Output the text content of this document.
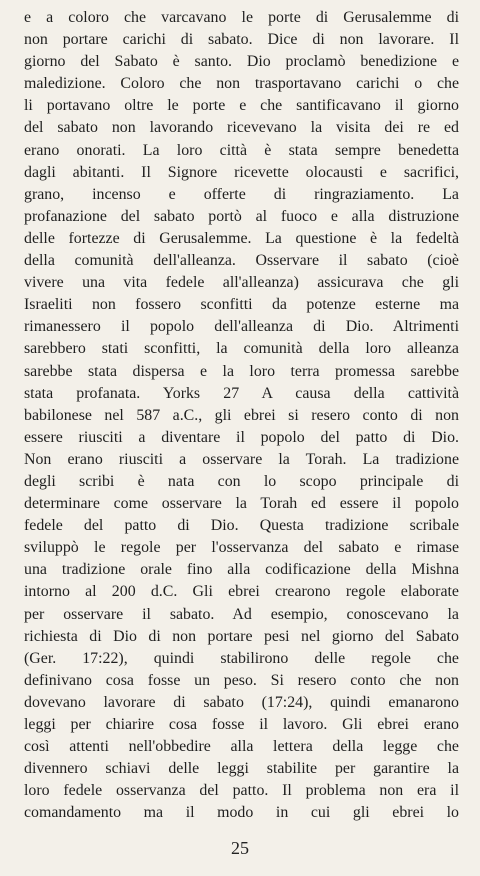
e a coloro che varcavano le porte di Gerusalemme di
non portare carichi di sabato. Dice di non lavorare. Il
giorno del Sabato è santo. Dio proclamò benedizione e
maledizione. Coloro che non trasportavano carichi o che
li portavano oltre le porte e che santificavano il giorno
del sabato non lavorando ricevevano la visita dei re ed
erano onorati. La loro città è stata sempre benedetta
dagli abitanti. Il Signore ricevette olocausti e sacrifici,
grano, incenso e offerte di ringraziamento. La
profanazione del sabato portò al fuoco e alla distruzione
delle fortezze di Gerusalemme. La questione è la fedeltà
della comunità dell'alleanza. Osservare il sabato (cioè
vivere una vita fedele all'alleanza) assicurava che gli
Israeliti non fossero sconfitti da potenze esterne ma
rimanessero il popolo dell'alleanza di Dio. Altrimenti
sarebbero stati sconfitti, la comunità della loro alleanza
sarebbe stata dispersa e la loro terra promessa sarebbe
stata profanata. Yorks 27 A causa della cattività
babilonese nel 587 a.C., gli ebrei si resero conto di non
essere riusciti a diventare il popolo del patto di Dio.
Non erano riusciti a osservare la Torah. La tradizione
degli scribi è nata con lo scopo principale di
determinare come osservare la Torah ed essere il popolo
fedele del patto di Dio. Questa tradizione scribale
sviluppò le regole per l'osservanza del sabato e rimase
una tradizione orale fino alla codificazione della Mishna
intorno al 200 d.C. Gli ebrei crearono regole elaborate
per osservare il sabato. Ad esempio, conoscevano la
richiesta di Dio di non portare pesi nel giorno del Sabato
(Ger. 17:22), quindi stabilirono delle regole che
definivano cosa fosse un peso. Si resero conto che non
dovevano lavorare di sabato (17:24), quindi emanarono
leggi per chiarire cosa fosse il lavoro. Gli ebrei erano
così attenti nell'obbedire alla lettera della legge che
divennero schiavi delle leggi stabilite per garantire la
loro fedele osservanza del patto. Il problema non era il
comandamento ma il modo in cui gli ebrei lo
25
